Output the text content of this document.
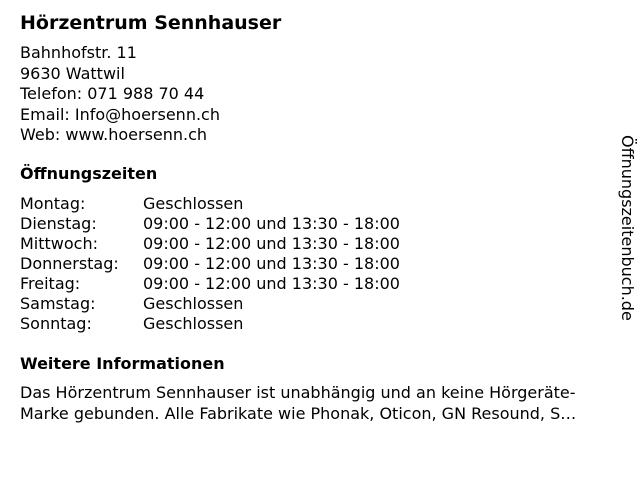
Hörzentrum Sennhauser
Bahnhofstr. 11
9630 Wattwil
Telefon: 071 988 70 44
Email: Info@hoersenn.ch
Web: www.hoersenn.ch
Öffnungszeiten
Montag:	Geschlossen
Dienstag:	09:00 - 12:00 und 13:30 - 18:00
Mittwoch:	09:00 - 12:00 und 13:30 - 18:00
Donnerstag:	09:00 - 12:00 und 13:30 - 18:00
Freitag:	09:00 - 12:00 und 13:30 - 18:00
Samstag:	Geschlossen
Sonntag:	Geschlossen
Weitere Informationen
Das Hörzentrum Sennhauser ist unabhängig und an keine Hörgeräte-
Marke gebunden. Alle Fabrikate wie Phonak, Oticon, GN Resound, S…
Öffnungszeitenbuch.de
